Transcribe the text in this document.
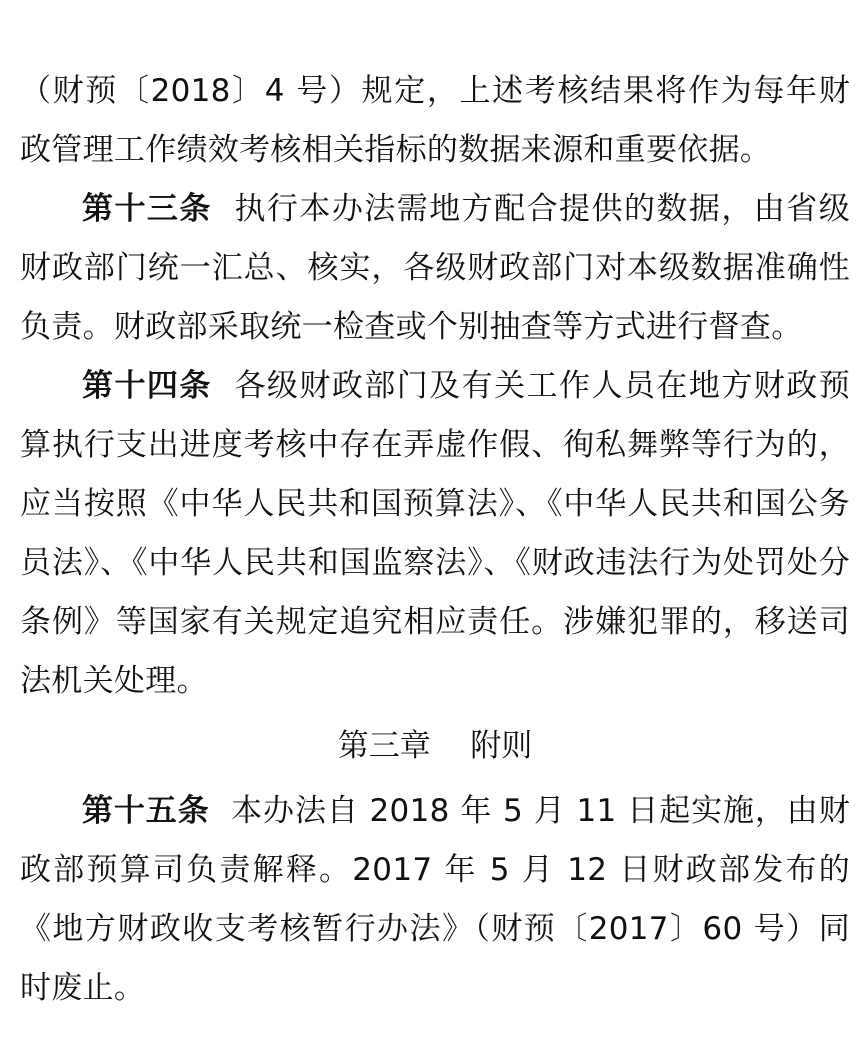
（财预〔2018〕4 号）规定，上述考核结果将作为每年财政管理工作绩效考核相关指标的数据来源和重要依据。

第十三条 执行本办法需地方配合提供的数据，由省级财政部门统一汇总、核实，各级财政部门对本级数据准确性负责。财政部采取统一检查或个别抽查等方式进行督查。

第十四条 各级财政部门及有关工作人员在地方财政预算执行支出进度考核中存在弄虚作假、徇私舞弊等行为的，应当按照《中华人民共和国预算法》、《中华人民共和国公务员法》、《中华人民共和国监察法》、《财政违法行为处罚处分条例》等国家有关规定追究相应责任。涉嫌犯罪的，移送司法机关处理。

第三章    附则

第十五条 本办法自 2018 年 5 月 11 日起实施，由财政部预算司负责解释。2017 年 5 月 12 日财政部发布的《地方财政收支考核暂行办法》（财预〔2017〕60 号）同时废止。
